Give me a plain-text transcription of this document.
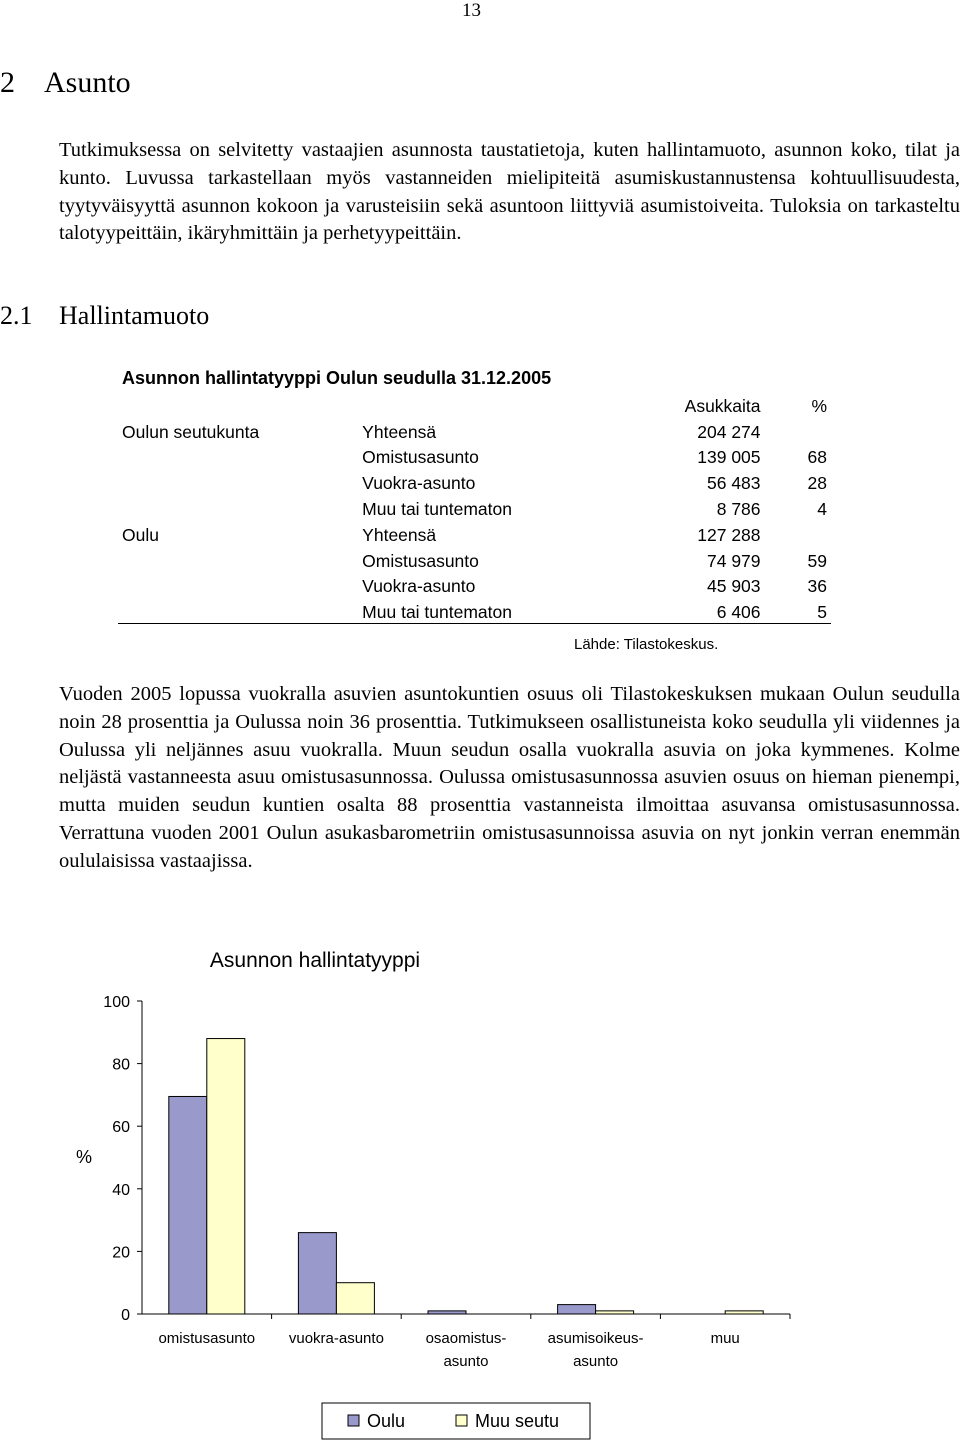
13
2 Asunto

Tutkimuksessa on selvitetty vastaajien asunnosta taustatietoja, kuten hallintamuoto, asunnon koko, tilat ja kunto. Luvussa tarkastellaan myös vastanneiden mielipiteitä asumiskustannustensa kohtuullisuudesta, tyytyväisyyttä asunnon kokoon ja varusteisiin sekä asuntoon liittyviä asumistoiveita. Tuloksia on tarkasteltu talotyypeittäin, ikäryhmittäin ja perhetyypeittäin.

2.1 Hallintamuoto
Asunnon hallintatyyppi Oulun seudulla 31.12.2005
		Asukkaita	%
Oulun seutukunta	Yhteensä	204 274	
	Omistusasunto	139 005	68
	Vuokra-asunto	56 483	28
	Muu tai tuntematon	8 786	4
Oulu	Yhteensä	127 288	
	Omistusasunto	74 979	59
	Vuokra-asunto	45 903	36
	Muu tai tuntematon	6 406	5
Lähde: Tilastokeskus.

Vuoden 2005 lopussa vuokralla asuvien asuntokuntien osuus oli Tilastokeskuksen mukaan Oulun seudulla noin 28 prosenttia ja Oulussa noin 36 prosenttia. Tutkimukseen osallistuneista koko seudulla yli viidennes ja Oulussa yli neljännes asuu vuokralla. Muun seudun osalla vuokralla asuvia on joka kymmenes. Kolme neljästä vastanneesta asuu omistusasunnossa. Oulussa omistusasunnossa asuvien osuus on hieman pienempi, mutta muiden seudun kuntien osalta 88 prosenttia vastanneista ilmoittaa asuvansa omistusasunnossa. Verrattuna vuoden 2001 Oulun asukasbarometriin omistusasunnoissa asuvia on nyt jonkin verran enemmän oululaisissa vastaajissa.

Asunnon hallintatyyppi
%
0
20
40
60
80
100
omistusasunto vuokra-asunto	osaomistus-
asunto
asumisoikeus-
asunto
muu
Oulu	Muu seutu
